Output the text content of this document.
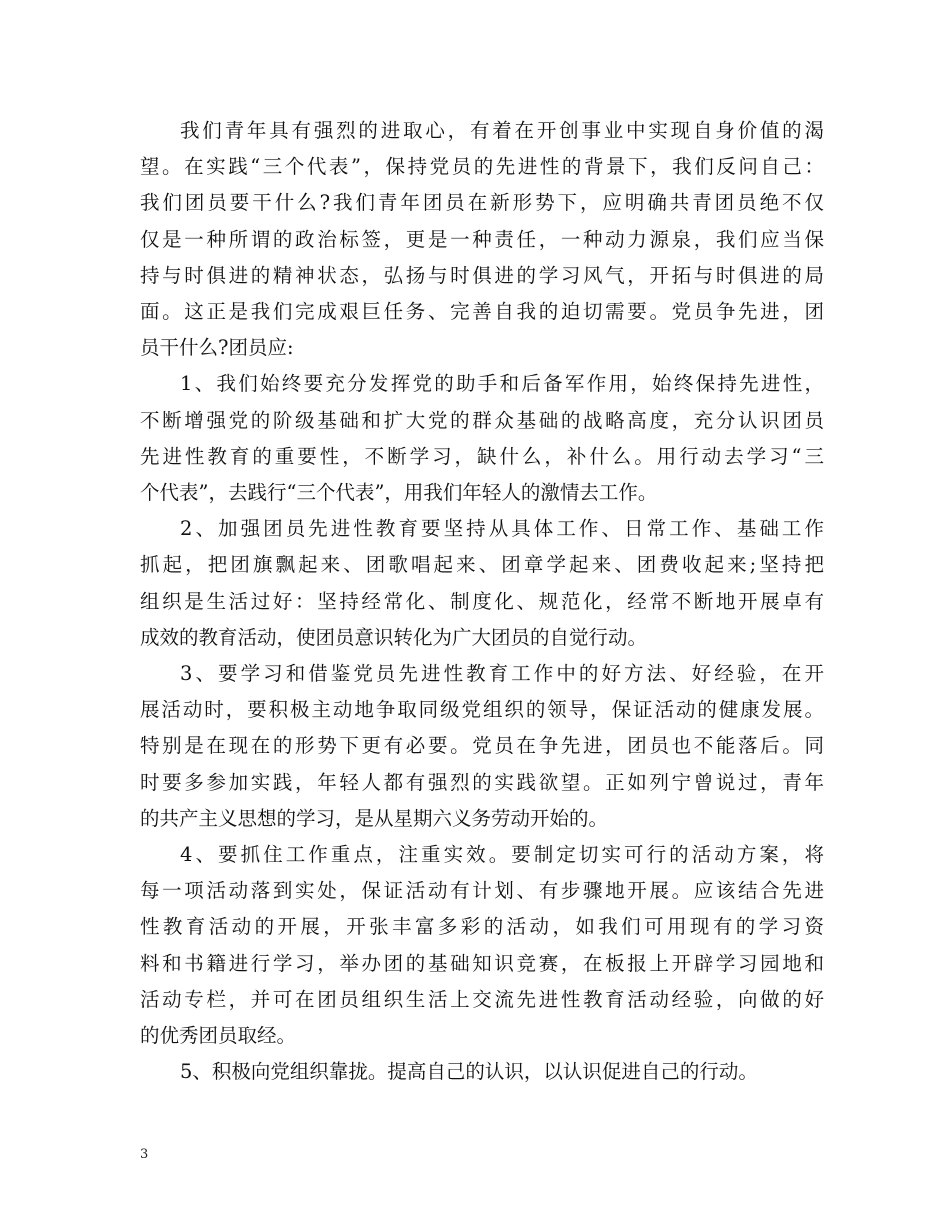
我们青年具有强烈的进取心，有着在开创事业中实现自身价值的渴
望。在实践“三个代表”，保持党员的先进性的背景下，我们反问自己：
我们团员要干什么?我们青年团员在新形势下，应明确共青团员绝不仅
仅是一种所谓的政治标签，更是一种责任，一种动力源泉，我们应当保
持与时俱进的精神状态，弘扬与时俱进的学习风气，开拓与时俱进的局
面。这正是我们完成艰巨任务、完善自我的迫切需要。党员争先进，团
员干什么?团员应:
1、我们始终要充分发挥党的助手和后备军作用，始终保持先进性，
不断增强党的阶级基础和扩大党的群众基础的战略高度，充分认识团员
先进性教育的重要性，不断学习，缺什么，补什么。用行动去学习“三
个代表”，去践行“三个代表”，用我们年轻人的激情去工作。
2、加强团员先进性教育要坚持从具体工作、日常工作、基础工作
抓起，把团旗飘起来、团歌唱起来、团章学起来、团费收起来;坚持把
组织是生活过好：坚持经常化、制度化、规范化，经常不断地开展卓有
成效的教育活动，使团员意识转化为广大团员的自觉行动。
3、要学习和借鉴党员先进性教育工作中的好方法、好经验，在开
展活动时，要积极主动地争取同级党组织的领导，保证活动的健康发展。
特别是在现在的形势下更有必要。党员在争先进，团员也不能落后。同
时要多参加实践，年轻人都有强烈的实践欲望。正如列宁曾说过，青年
的共产主义思想的学习，是从星期六义务劳动开始的。
4、要抓住工作重点，注重实效。要制定切实可行的活动方案，将
每一项活动落到实处，保证活动有计划、有步骤地开展。应该结合先进
性教育活动的开展，开张丰富多彩的活动，如我们可用现有的学习资
料和书籍进行学习，举办团的基础知识竞赛，在板报上开辟学习园地和
活动专栏，并可在团员组织生活上交流先进性教育活动经验，向做的好
的优秀团员取经。
5、积极向党组织靠拢。提高自己的认识，以认识促进自己的行动。
3
